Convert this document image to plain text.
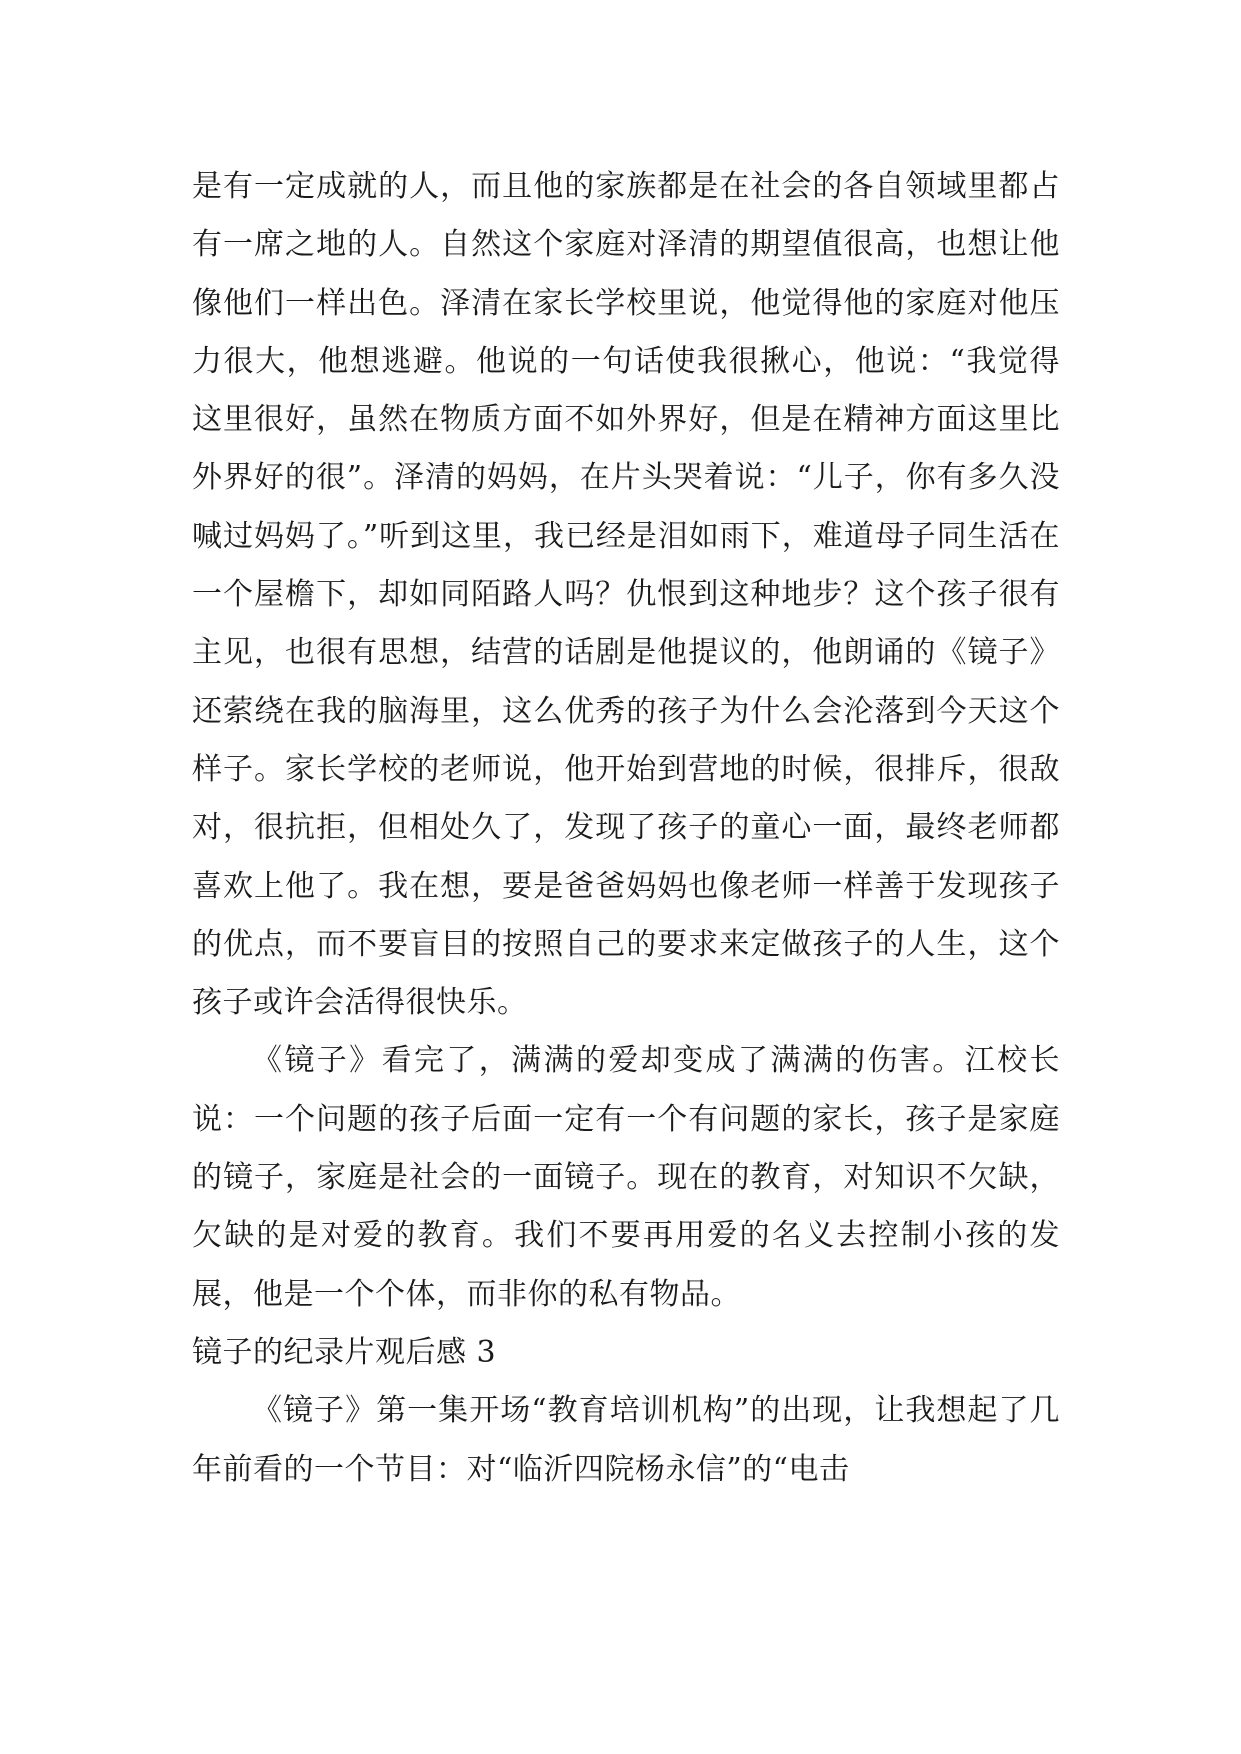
是有一定成就的人，而且他的家族都是在社会的各自领域里都占有一席之地的人。自然这个家庭对泽清的期望值很高，也想让他像他们一样出色。泽清在家长学校里说，他觉得他的家庭对他压力很大，他想逃避。他说的一句话使我很揪心，他说：“我觉得这里很好，虽然在物质方面不如外界好，但是在精神方面这里比外界好的很”。泽清的妈妈，在片头哭着说：“儿子，你有多久没喊过妈妈了。”听到这里，我已经是泪如雨下，难道母子同生活在一个屋檐下，却如同陌路人吗？仇恨到这种地步？这个孩子很有主见，也很有思想，结营的话剧是他提议的，他朗诵的《镜子》还萦绕在我的脑海里，这么优秀的孩子为什么会沦落到今天这个样子。家长学校的老师说，他开始到营地的时候，很排斥，很敌对，很抗拒，但相处久了，发现了孩子的童心一面，最终老师都喜欢上他了。我在想，要是爸爸妈妈也像老师一样善于发现孩子的优点，而不要盲目的按照自己的要求来定做孩子的人生，这个孩子或许会活得很快乐。

《镜子》看完了，满满的爱却变成了满满的伤害。江校长说：一个问题的孩子后面一定有一个有问题的家长，孩子是家庭的镜子，家庭是社会的一面镜子。现在的教育，对知识不欠缺，欠缺的是对爱的教育。我们不要再用爱的名义去控制小孩的发展，他是一个个体，而非你的私有物品。

镜子的纪录片观后感 3

《镜子》第一集开场“教育培训机构”的出现，让我想起了几年前看的一个节目：对“临沂四院杨永信”的“电击
